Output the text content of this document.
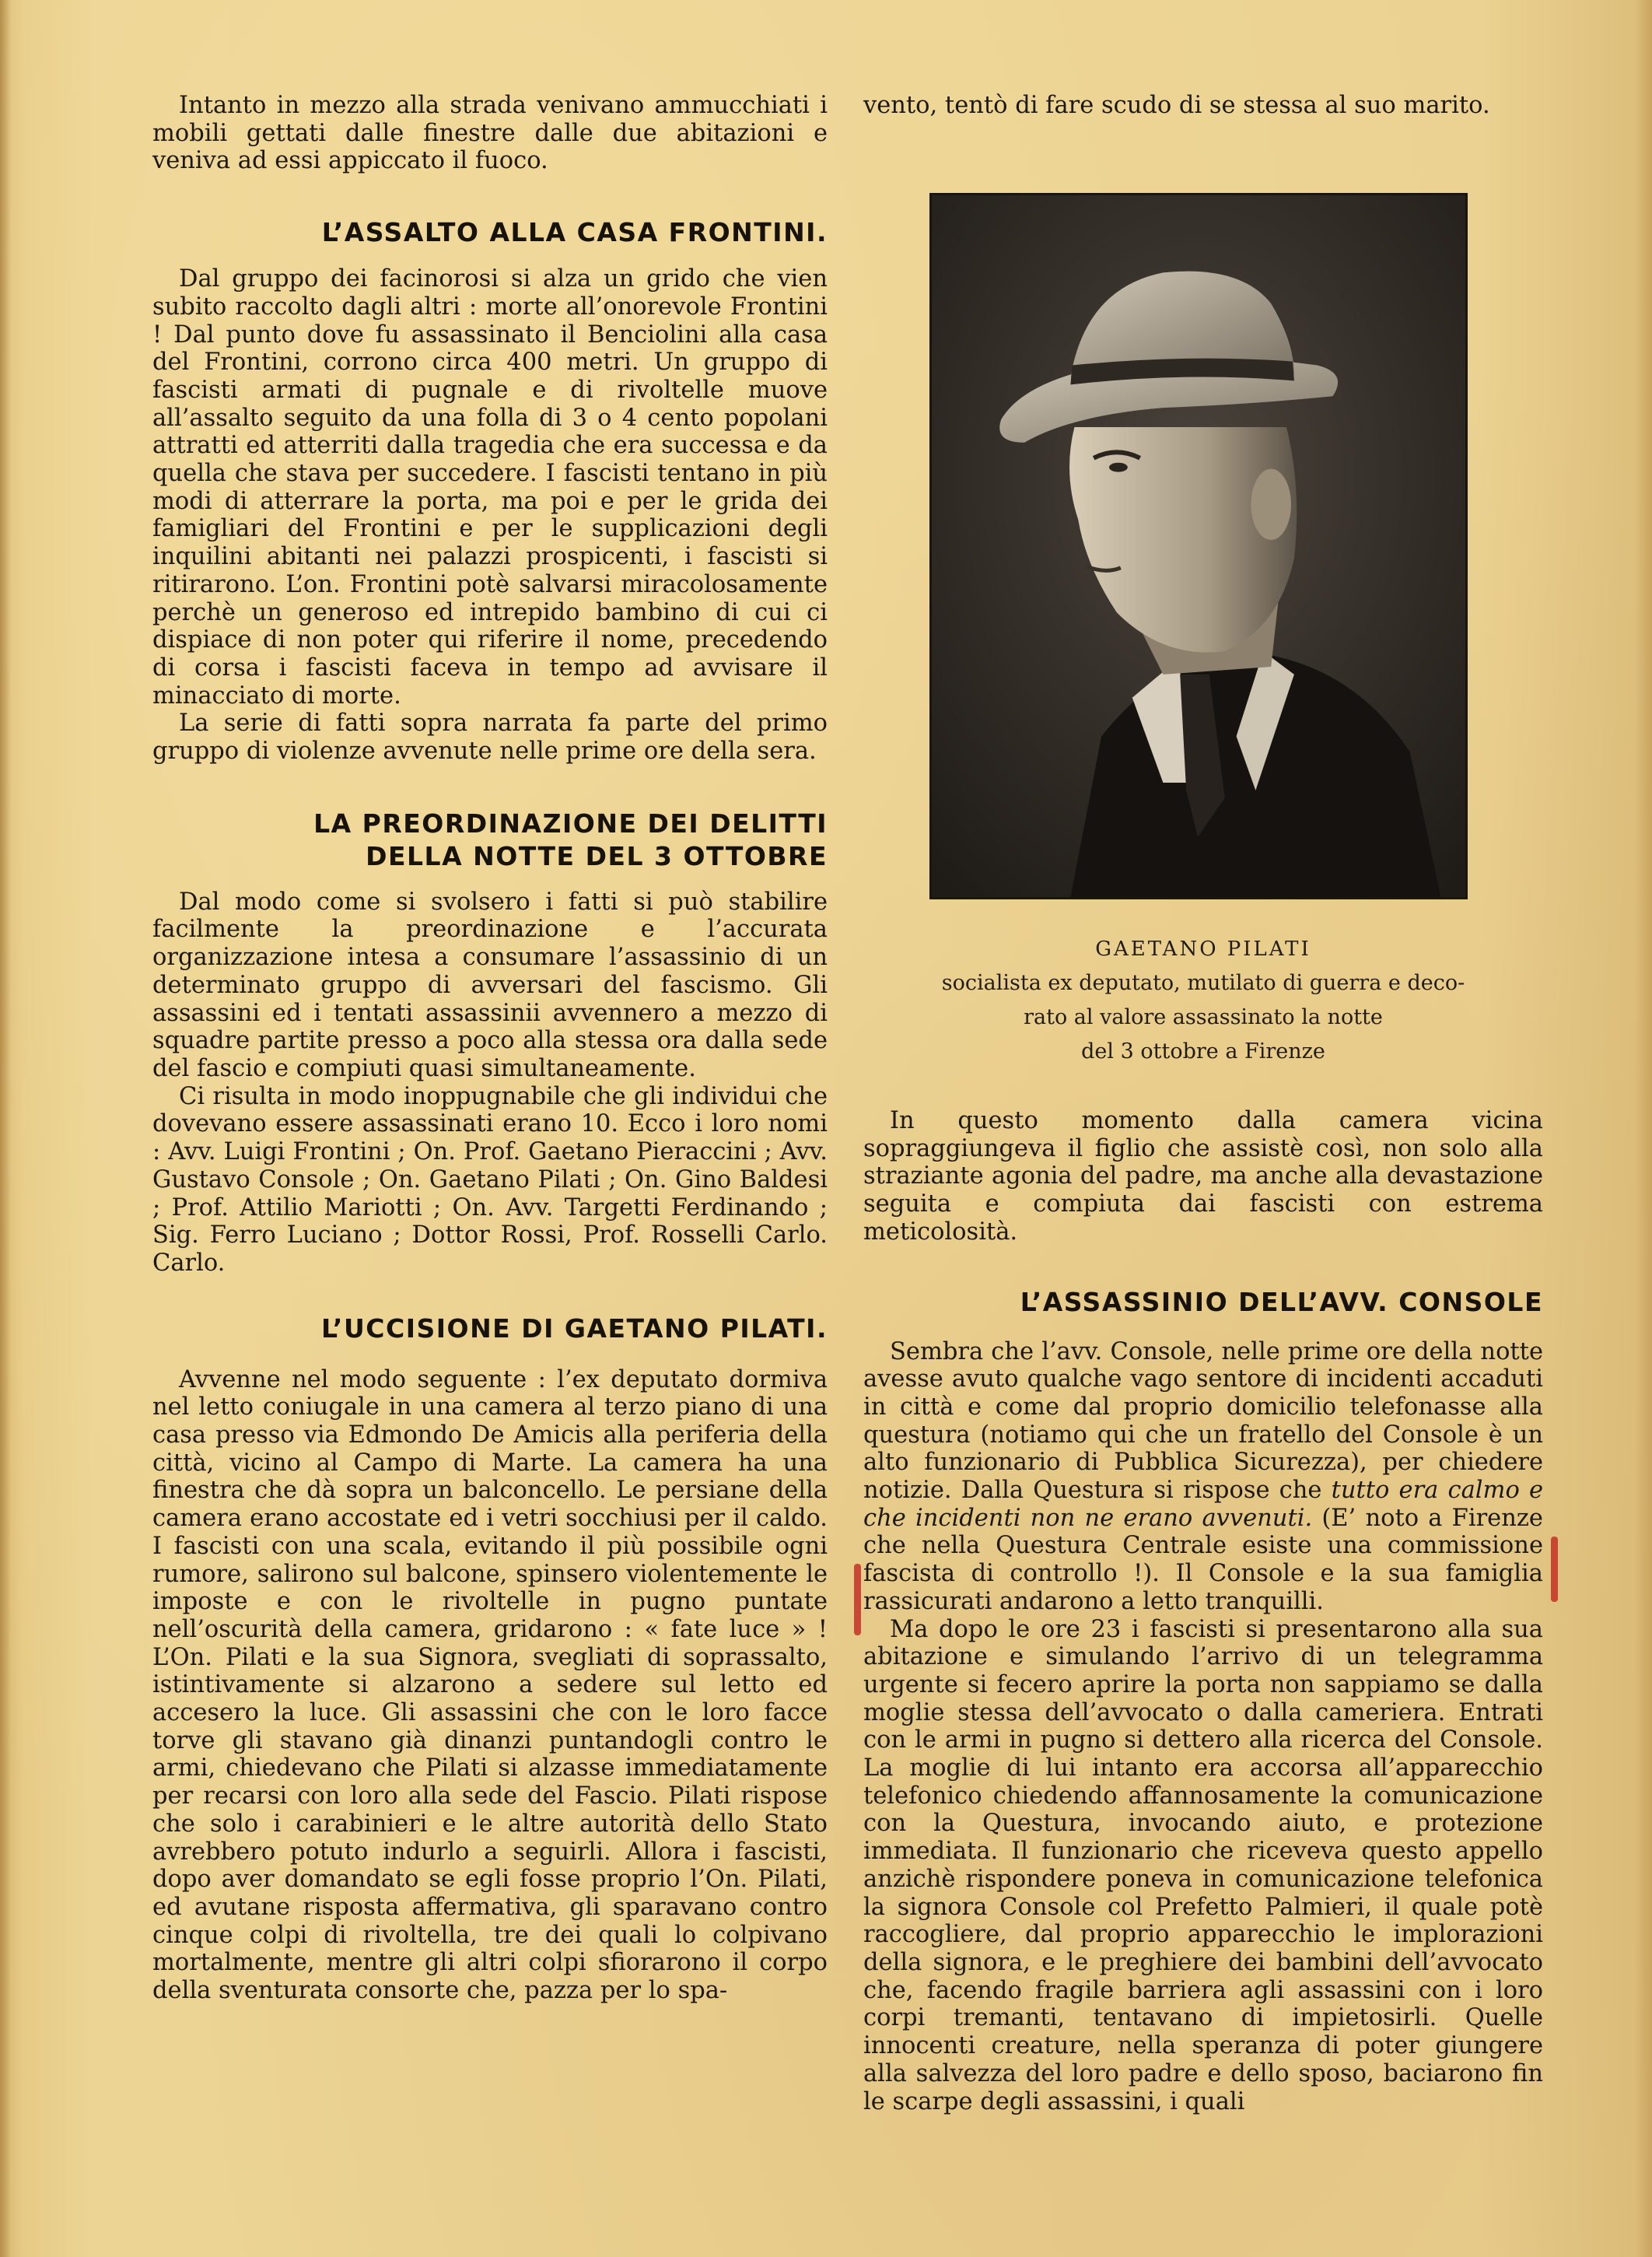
Intanto in mezzo alla strada venivano ammucchiati i mobili gettati dalle finestre dalle due abitazioni e veniva ad essi appiccato il fuoco.

L’ASSALTO ALLA CASA FRONTINI.

Dal gruppo dei facinorosi si alza un grido che vien subito raccolto dagli altri : morte all’onorevole Frontini ! Dal punto dove fu assassinato il Benciolini alla casa del Frontini, corrono circa 400 metri. Un gruppo di fascisti armati di pugnale e di rivoltelle muove all’assalto seguito da una folla di 3 o 4 cento popolani attratti ed atterriti dalla tragedia che era successa e da quella che stava per succedere. I fascisti tentano in più modi di atterrare la porta, ma poi e per le grida dei famigliari del Frontini e per le supplicazioni degli inquilini abitanti nei palazzi prospicenti, i fascisti si ritirarono. L’on. Frontini potè salvarsi miracolosamente perchè un generoso ed intrepido bambino di cui ci dispiace di non poter qui riferire il nome, precedendo di corsa i fascisti faceva in tempo ad avvisare il minacciato di morte.

La serie di fatti sopra narrata fa parte del primo gruppo di violenze avvenute nelle prime ore della sera.

LA PREORDINAZIONE DEI DELITTI
DELLA NOTTE DEL 3 OTTOBRE

Dal modo come si svolsero i fatti si può stabilire facilmente la preordinazione e l’accurata organizzazione intesa a consumare l’assassinio di un determinato gruppo di avversari del fascismo. Gli assassini ed i tentati assassinii avvennero a mezzo di squadre partite presso a poco alla stessa ora dalla sede del fascio e compiuti quasi simultaneamente.

Ci risulta in modo inoppugnabile che gli individui che dovevano essere assassinati erano 10. Ecco i loro nomi : Avv. Luigi Frontini ; On. Prof. Gaetano Pieraccini ; Avv. Gustavo Console ; On. Gaetano Pilati ; On. Gino Baldesi ; Prof. Attilio Mariotti ; On. Avv. Targetti Ferdinando ; Sig. Ferro Luciano ; Dottor Rossi, Prof. Rosselli Carlo. Carlo.

L’UCCISIONE DI GAETANO PILATI.

Avvenne nel modo seguente : l’ex deputato dormiva nel letto coniugale in una camera al terzo piano di una casa presso via Edmondo De Amicis alla periferia della città, vicino al Campo di Marte. La camera ha una finestra che dà sopra un balconcello. Le persiane della camera erano accostate ed i vetri socchiusi per il caldo. I fascisti con una scala, evitando il più possibile ogni rumore, salirono sul balcone, spinsero violentemente le imposte e con le rivoltelle in pugno puntate nell’oscurità della camera, gridarono : « fate luce » ! L’On. Pilati e la sua Signora, svegliati di soprassalto, istintivamente si alzarono a sedere sul letto ed accesero la luce. Gli assassini che con le loro facce torve gli stavano già dinanzi puntandogli contro le armi, chiedevano che Pilati si alzasse immediatamente per recarsi con loro alla sede del Fascio. Pilati rispose che solo i carabinieri e le altre autorità dello Stato avrebbero potuto indurlo a seguirli. Allora i fascisti, dopo aver domandato se egli fosse proprio l’On. Pilati, ed avutane risposta affermativa, gli sparavano contro cinque colpi di rivoltella, tre dei quali lo colpivano mortalmente, mentre gli altri colpi sfiorarono il corpo della sventurata consorte che, pazza per lo spa-

vento, tentò di fare scudo di se stessa al suo marito.

GAETANO PILATI
socialista ex deputato, mutilato di guerra e deco-
rato al valore assassinato la notte
del 3 ottobre a Firenze

In questo momento dalla camera vicina sopraggiungeva il figlio che assistè così, non solo alla straziante agonia del padre, ma anche alla devastazione seguita e compiuta dai fascisti con estrema meticolosità.

L’ASSASSINIO DELL’AVV. CONSOLE

Sembra che l’avv. Console, nelle prime ore della notte avesse avuto qualche vago sentore di incidenti accaduti in città e come dal proprio domicilio telefonasse alla questura (notiamo qui che un fratello del Console è un alto funzionario di Pubblica Sicurezza), per chiedere notizie. Dalla Questura si rispose che tutto era calmo e che incidenti non ne erano avvenuti. (E’ noto a Firenze che nella Questura Centrale esiste una commissione fascista di controllo !). Il Console e la sua famiglia rassicurati andarono a letto tranquilli.

Ma dopo le ore 23 i fascisti si presentarono alla sua abitazione e simulando l’arrivo di un telegramma urgente si fecero aprire la porta non sappiamo se dalla moglie stessa dell’avvocato o dalla cameriera. Entrati con le armi in pugno si dettero alla ricerca del Console. La moglie di lui intanto era accorsa all’apparecchio telefonico chiedendo affannosamente la comunicazione con la Questura, invocando aiuto, e protezione immediata. Il funzionario che riceveva questo appello anzichè rispondere poneva in comunicazione telefonica la signora Console col Prefetto Palmieri, il quale potè raccogliere, dal proprio apparecchio le implorazioni della signora, e le preghiere dei bambini dell’avvocato che, facendo fragile barriera agli assassini con i loro corpi tremanti, tentavano di impietosirli. Quelle innocenti creature, nella speranza di poter giungere alla salvezza del loro padre e dello sposo, baciarono fin le scarpe degli assassini, i quali
